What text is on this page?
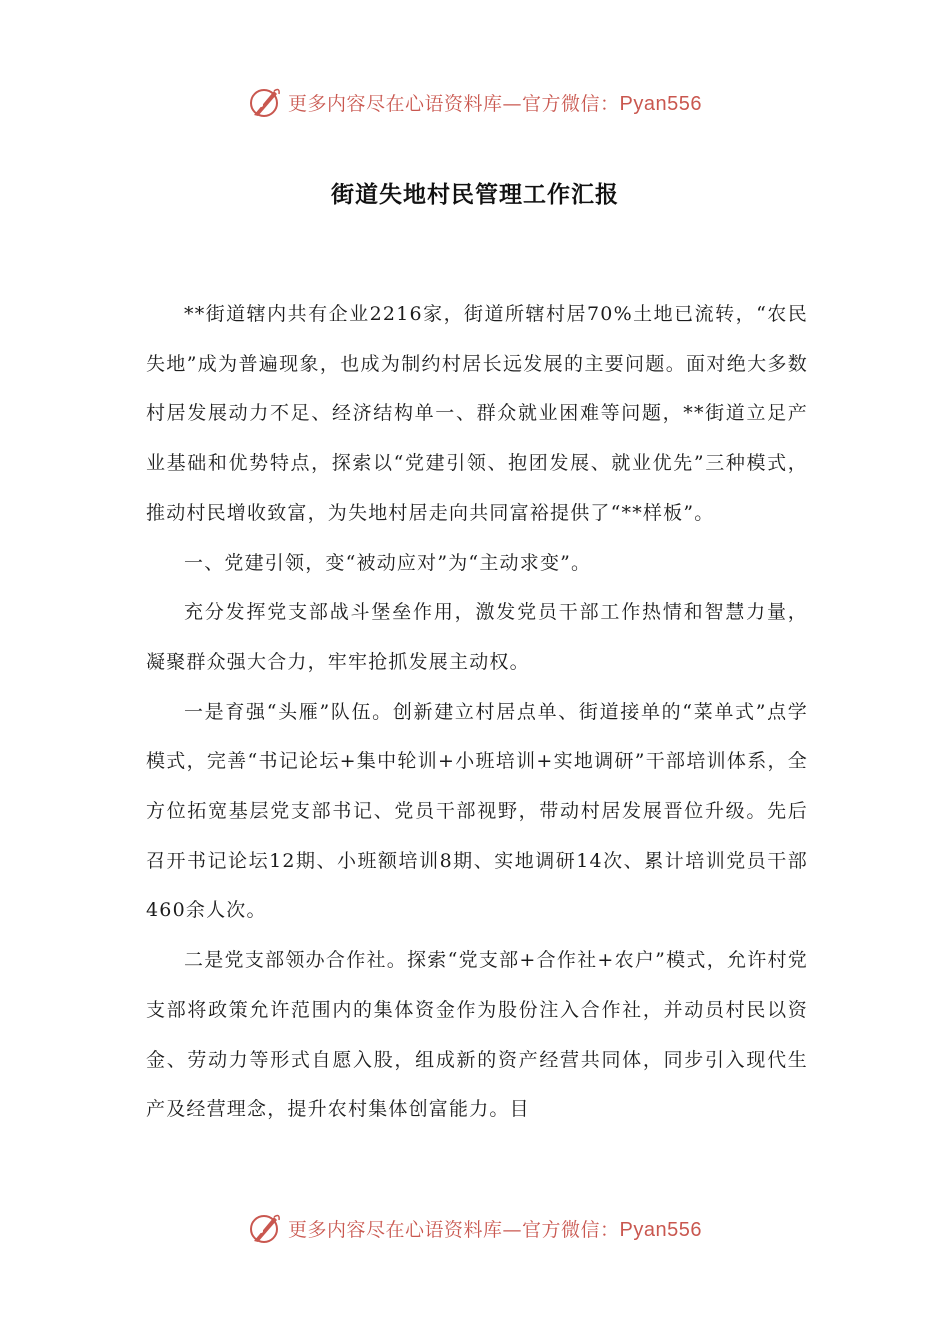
更多内容尽在心语资料库—官方微信：Pyan556
街道失地村民管理工作汇报

**街道辖内共有企业2216家，街道所辖村居70%土地已流转，“农民失地”成为普遍现象，也成为制约村居长远发展的主要问题。面对绝大多数村居发展动力不足、经济结构单一、群众就业困难等问题，**街道立足产业基础和优势特点，探索以“党建引领、抱团发展、就业优先”三种模式，推动村民增收致富，为失地村居走向共同富裕提供了“**样板”。

一、党建引领，变“被动应对”为“主动求变”。

充分发挥党支部战斗堡垒作用，激发党员干部工作热情和智慧力量，凝聚群众强大合力，牢牢抢抓发展主动权。

一是育强“头雁”队伍。创新建立村居点单、街道接单的“菜单式”点学模式，完善“书记论坛+集中轮训+小班培训+实地调研”干部培训体系，全方位拓宽基层党支部书记、党员干部视野，带动村居发展晋位升级。先后召开书记论坛12期、小班额培训8期、实地调研14次、累计培训党员干部460余人次。

二是党支部领办合作社。探索“党支部+合作社+农户”模式，允许村党支部将政策允许范围内的集体资金作为股份注入合作社，并动员村民以资金、劳动力等形式自愿入股，组成新的资产经营共同体，同步引入现代生产及经营理念，提升农村集体创富能力。目

更多内容尽在心语资料库—官方微信：Pyan556
